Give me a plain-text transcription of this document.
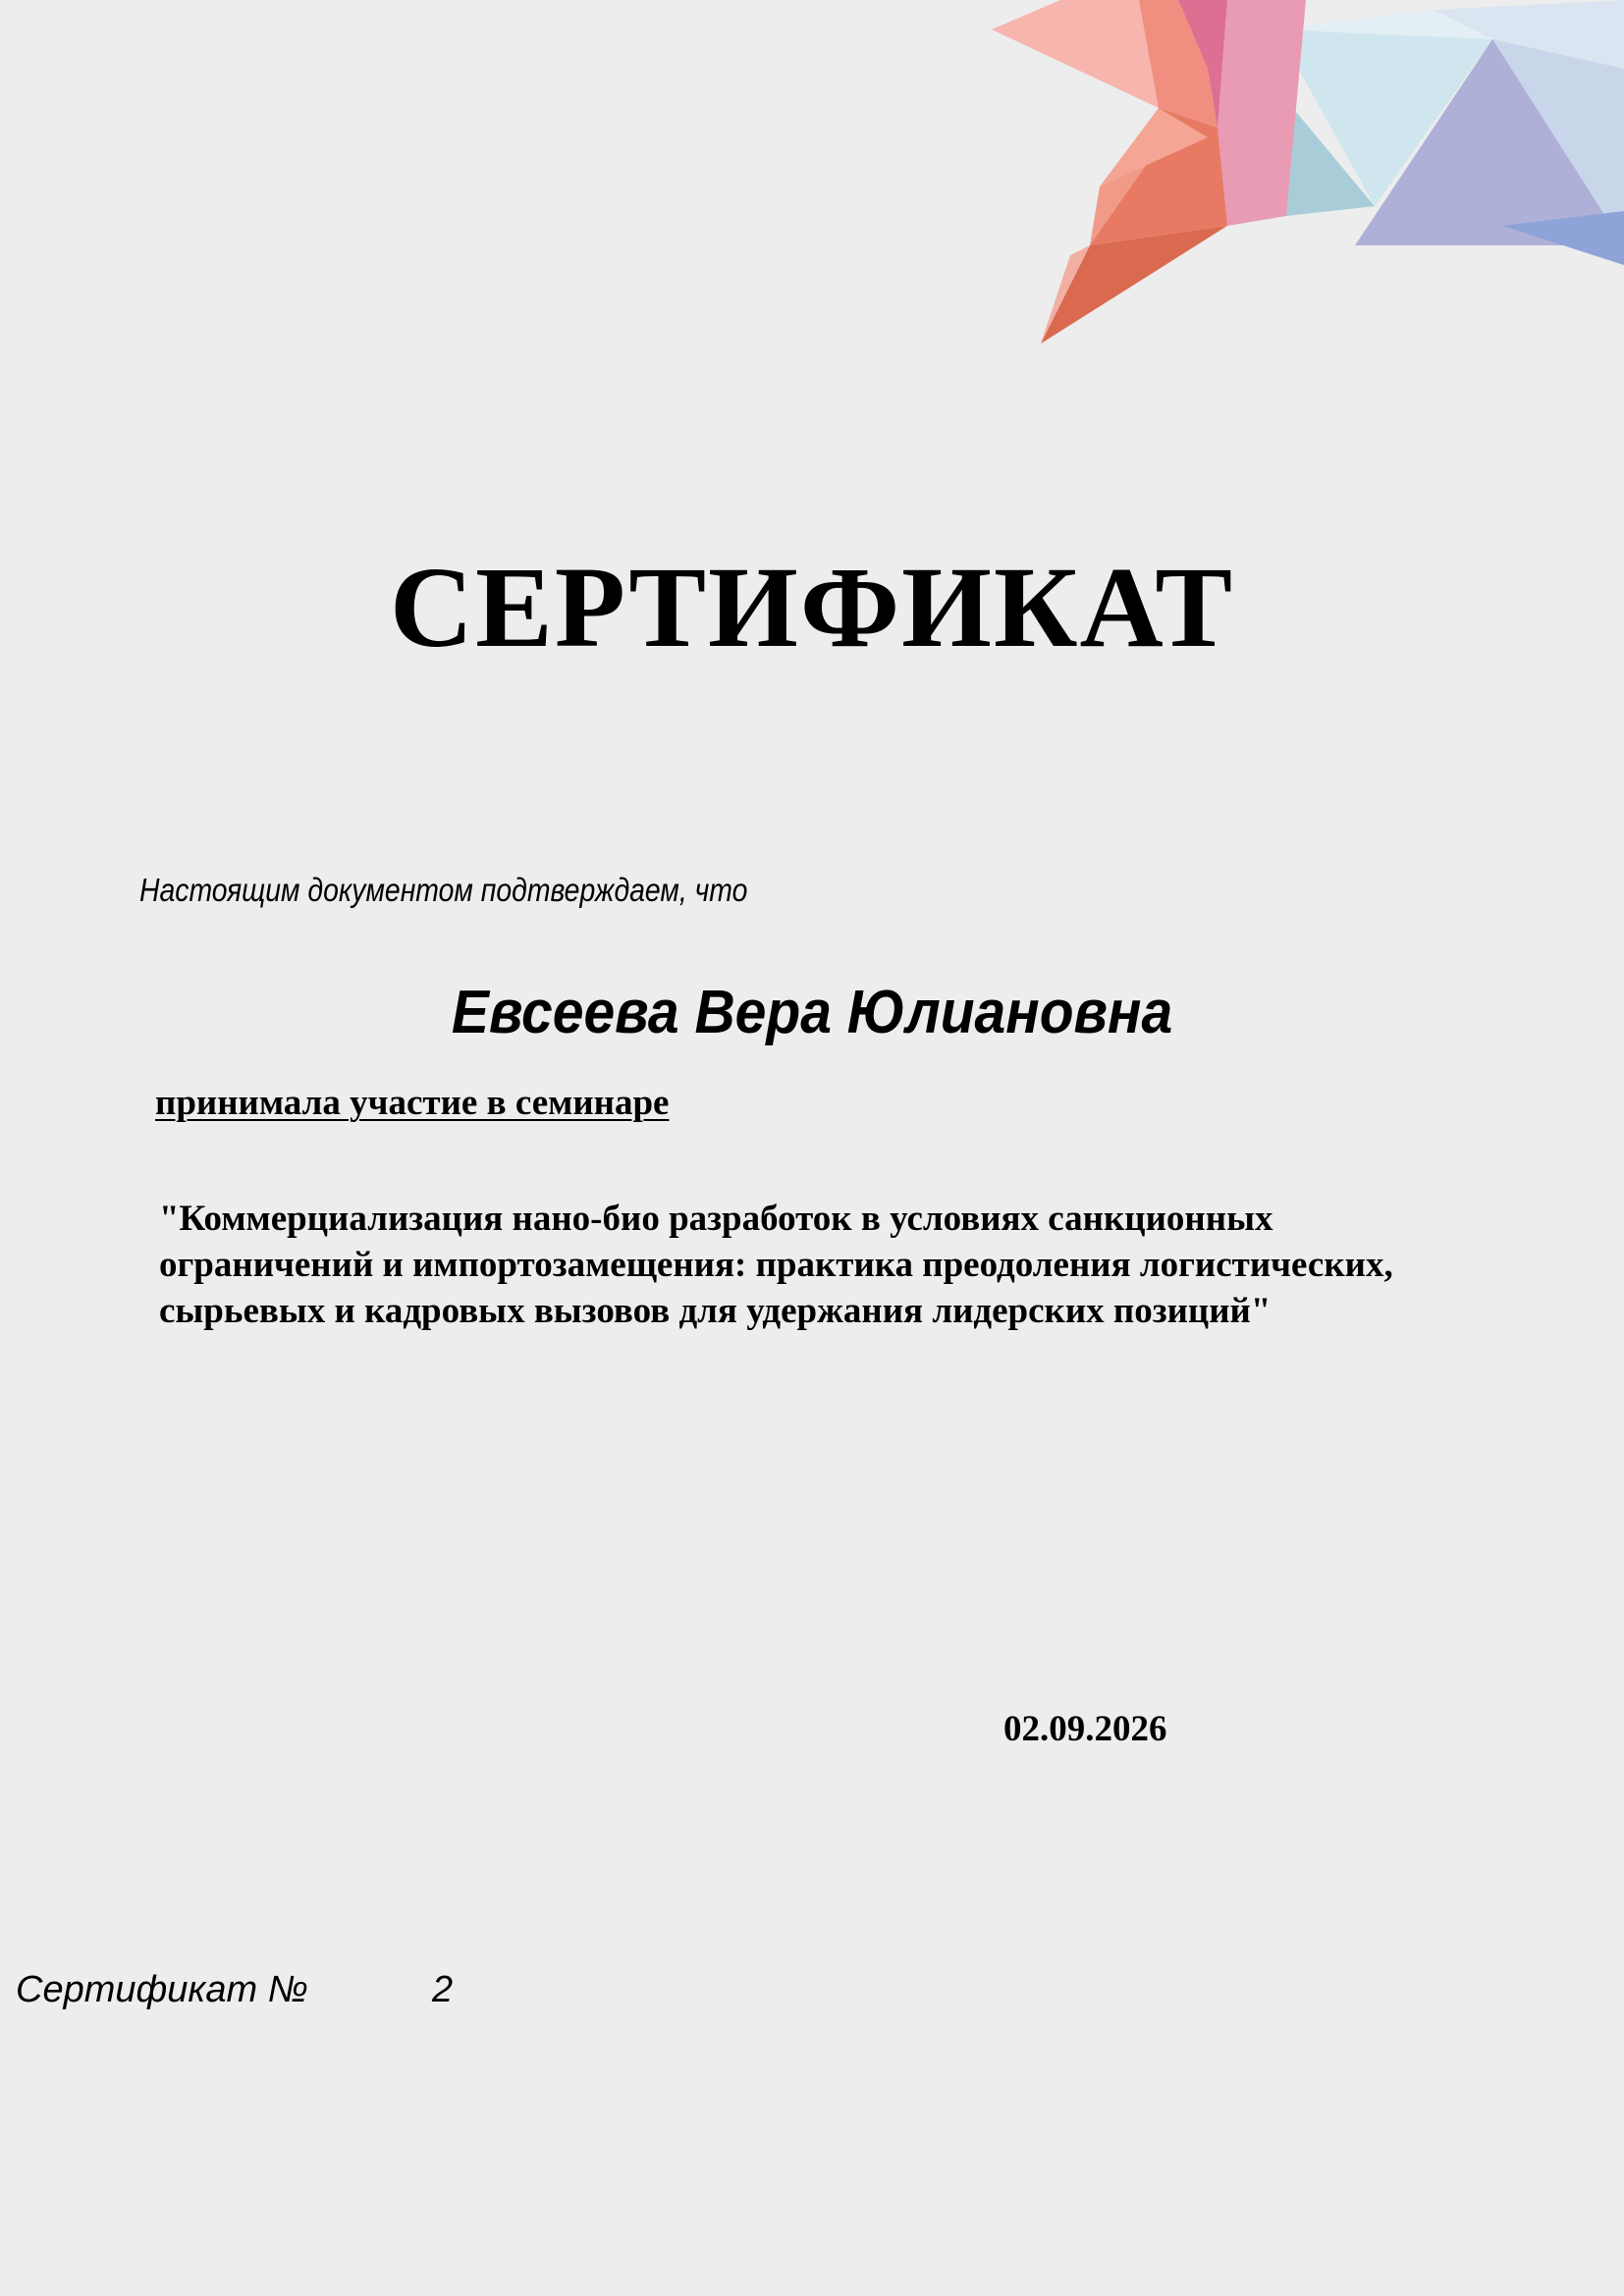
СЕРТИФИКАТ
Настоящим документом подтверждаем, что
Евсеева Вера Юлиановна
принимала участие в семинаре
"Коммерциализация нано-био разработок в условиях санкционных ограничений и импортозамещения: практика преодоления логистических, сырьевых и кадровых вызовов для удержания лидерских позиций"
02.09.2026
Сертификат №	2
